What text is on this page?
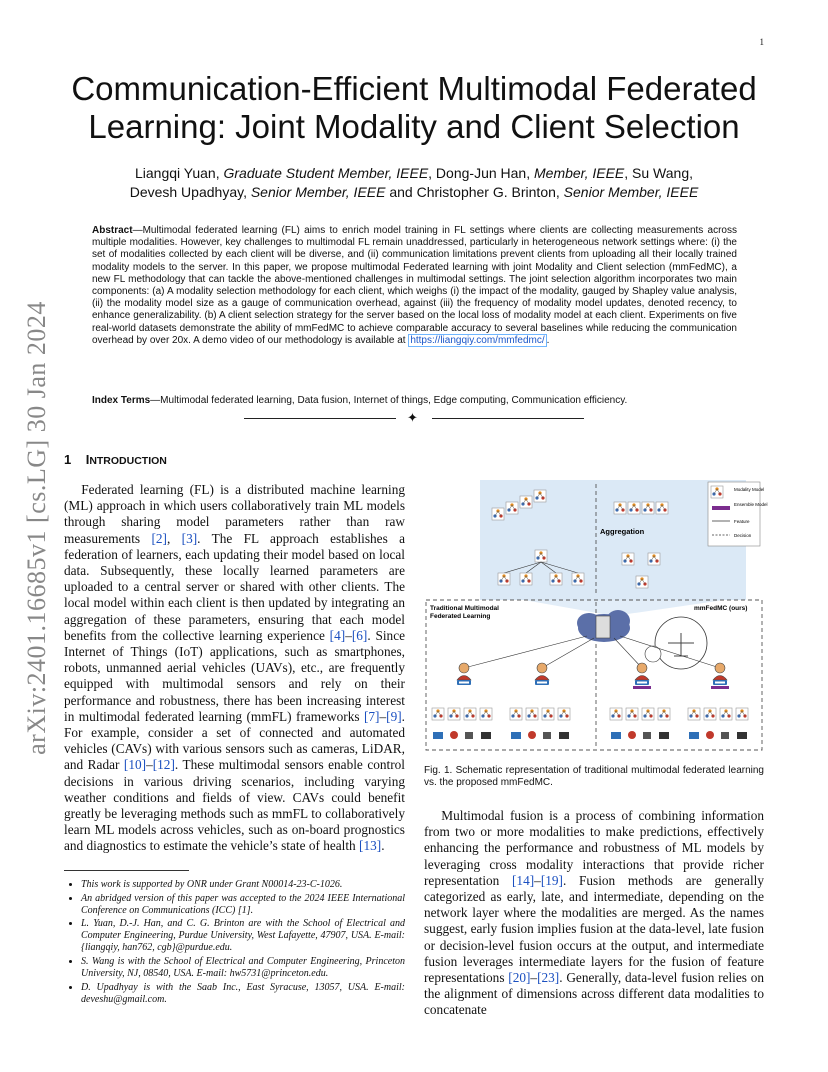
1
arXiv:2401.16685v1 [cs.LG] 30 Jan 2024
Communication-Efficient Multimodal Federated Learning: Joint Modality and Client Selection
Liangqi Yuan, Graduate Student Member, IEEE, Dong-Jun Han, Member, IEEE, Su Wang, Devesh Upadhyay, Senior Member, IEEE and Christopher G. Brinton, Senior Member, IEEE
Abstract—Multimodal federated learning (FL) aims to enrich model training in FL settings where clients are collecting measurements across multiple modalities. However, key challenges to multimodal FL remain unaddressed, particularly in heterogeneous network settings where: (i) the set of modalities collected by each client will be diverse, and (ii) communication limitations prevent clients from uploading all their locally trained modality models to the server. In this paper, we propose multimodal Federated learning with joint Modality and Client selection (mmFedMC), a new FL methodology that can tackle the above-mentioned challenges in multimodal settings. The joint selection algorithm incorporates two main components: (a) A modality selection methodology for each client, which weighs (i) the impact of the modality, gauged by Shapley value analysis, (ii) the modality model size as a gauge of communication overhead, against (iii) the frequency of modality model updates, denoted recency, to enhance generalizability. (b) A client selection strategy for the server based on the local loss of modality model at each client. Experiments on five real-world datasets demonstrate the ability of mmFedMC to achieve comparable accuracy to several baselines while reducing the communication overhead by over 20x. A demo video of our methodology is available at https://liangqiy.com/mmfedmc/ .
Index Terms—Multimodal federated learning, Data fusion, Internet of things, Edge computing, Communication efficiency.
✦
1 INTRODUCTION

Federated learning (FL) is a distributed machine learning (ML) approach in which users collaboratively train ML models through sharing model parameters rather than raw measurements [2], [3]. The FL approach establishes a federation of learners, each updating their model based on local data. Subsequently, these locally learned parameters are uploaded to a central server or shared with other clients. The local model within each client is then updated by integrating an aggregation of these parameters, ensuring that each model benefits from the collective learning experience [4]–[6]. Since Internet of Things (IoT) applications, such as smartphones, robots, unmanned aerial vehicles (UAVs), etc., are frequently equipped with multimodal sensors and rely on their performance and robustness, there has been increasing interest in multimodal federated learning (mmFL) frameworks [7]–[9]. For example, consider a set of connected and automated vehicles (CAVs) with various sensors such as cameras, LiDAR, and Radar [10]–[12]. These multimodal sensors enable control decisions in various driving scenarios, including varying weather conditions and fields of view. CAVs could benefit greatly be leveraging methods such as mmFL to collaboratively learn ML models across vehicles, such as on-board prognostics and diagnostics to estimate the vehicle’s state of health [13].

• This work is supported by ONR under Grant N00014-23-C-1026.
• An abridged version of this paper was accepted to the 2024 IEEE International Conference on Communications (ICC) [1].
• L. Yuan, D.-J. Han, and C. G. Brinton are with the School of Electrical and Computer Engineering, Purdue University, West Lafayette, 47907, USA. E-mail: {liangqiy, han762, cgb}@purdue.edu.
• S. Wang is with the School of Electrical and Computer Engineering, Princeton University, NJ, 08540, USA. E-mail: hw5731@princeton.edu.
• D. Upadhyay is with the Saab Inc., East Syracuse, 13057, USA. E-mail: deveshu@gmail.com.
Aggregation
Modality Model
Ensemble Model
Feature
Decision
Traditional Multimodal
Federated Learning
mmFedMC (ours)
Fig. 1. Schematic representation of traditional multimodal federated learning vs. the proposed mmFedMC.

Multimodal fusion is a process of combining information from two or more modalities to make predictions, effectively enhancing the performance and robustness of ML models by leveraging cross modality interactions that provide richer representation [14]–[19]. Fusion methods are generally categorized as early, late, and intermediate, depending on the network layer where the modalities are merged. As the names suggest, early fusion implies fusion at the data-level, late fusion or decision-level fusion occurs at the output, and intermediate fusion leverages intermediate layers for the fusion of feature representations [20]–[23]. Generally, data-level fusion relies on the alignment of dimensions across different data modalities to concatenate
